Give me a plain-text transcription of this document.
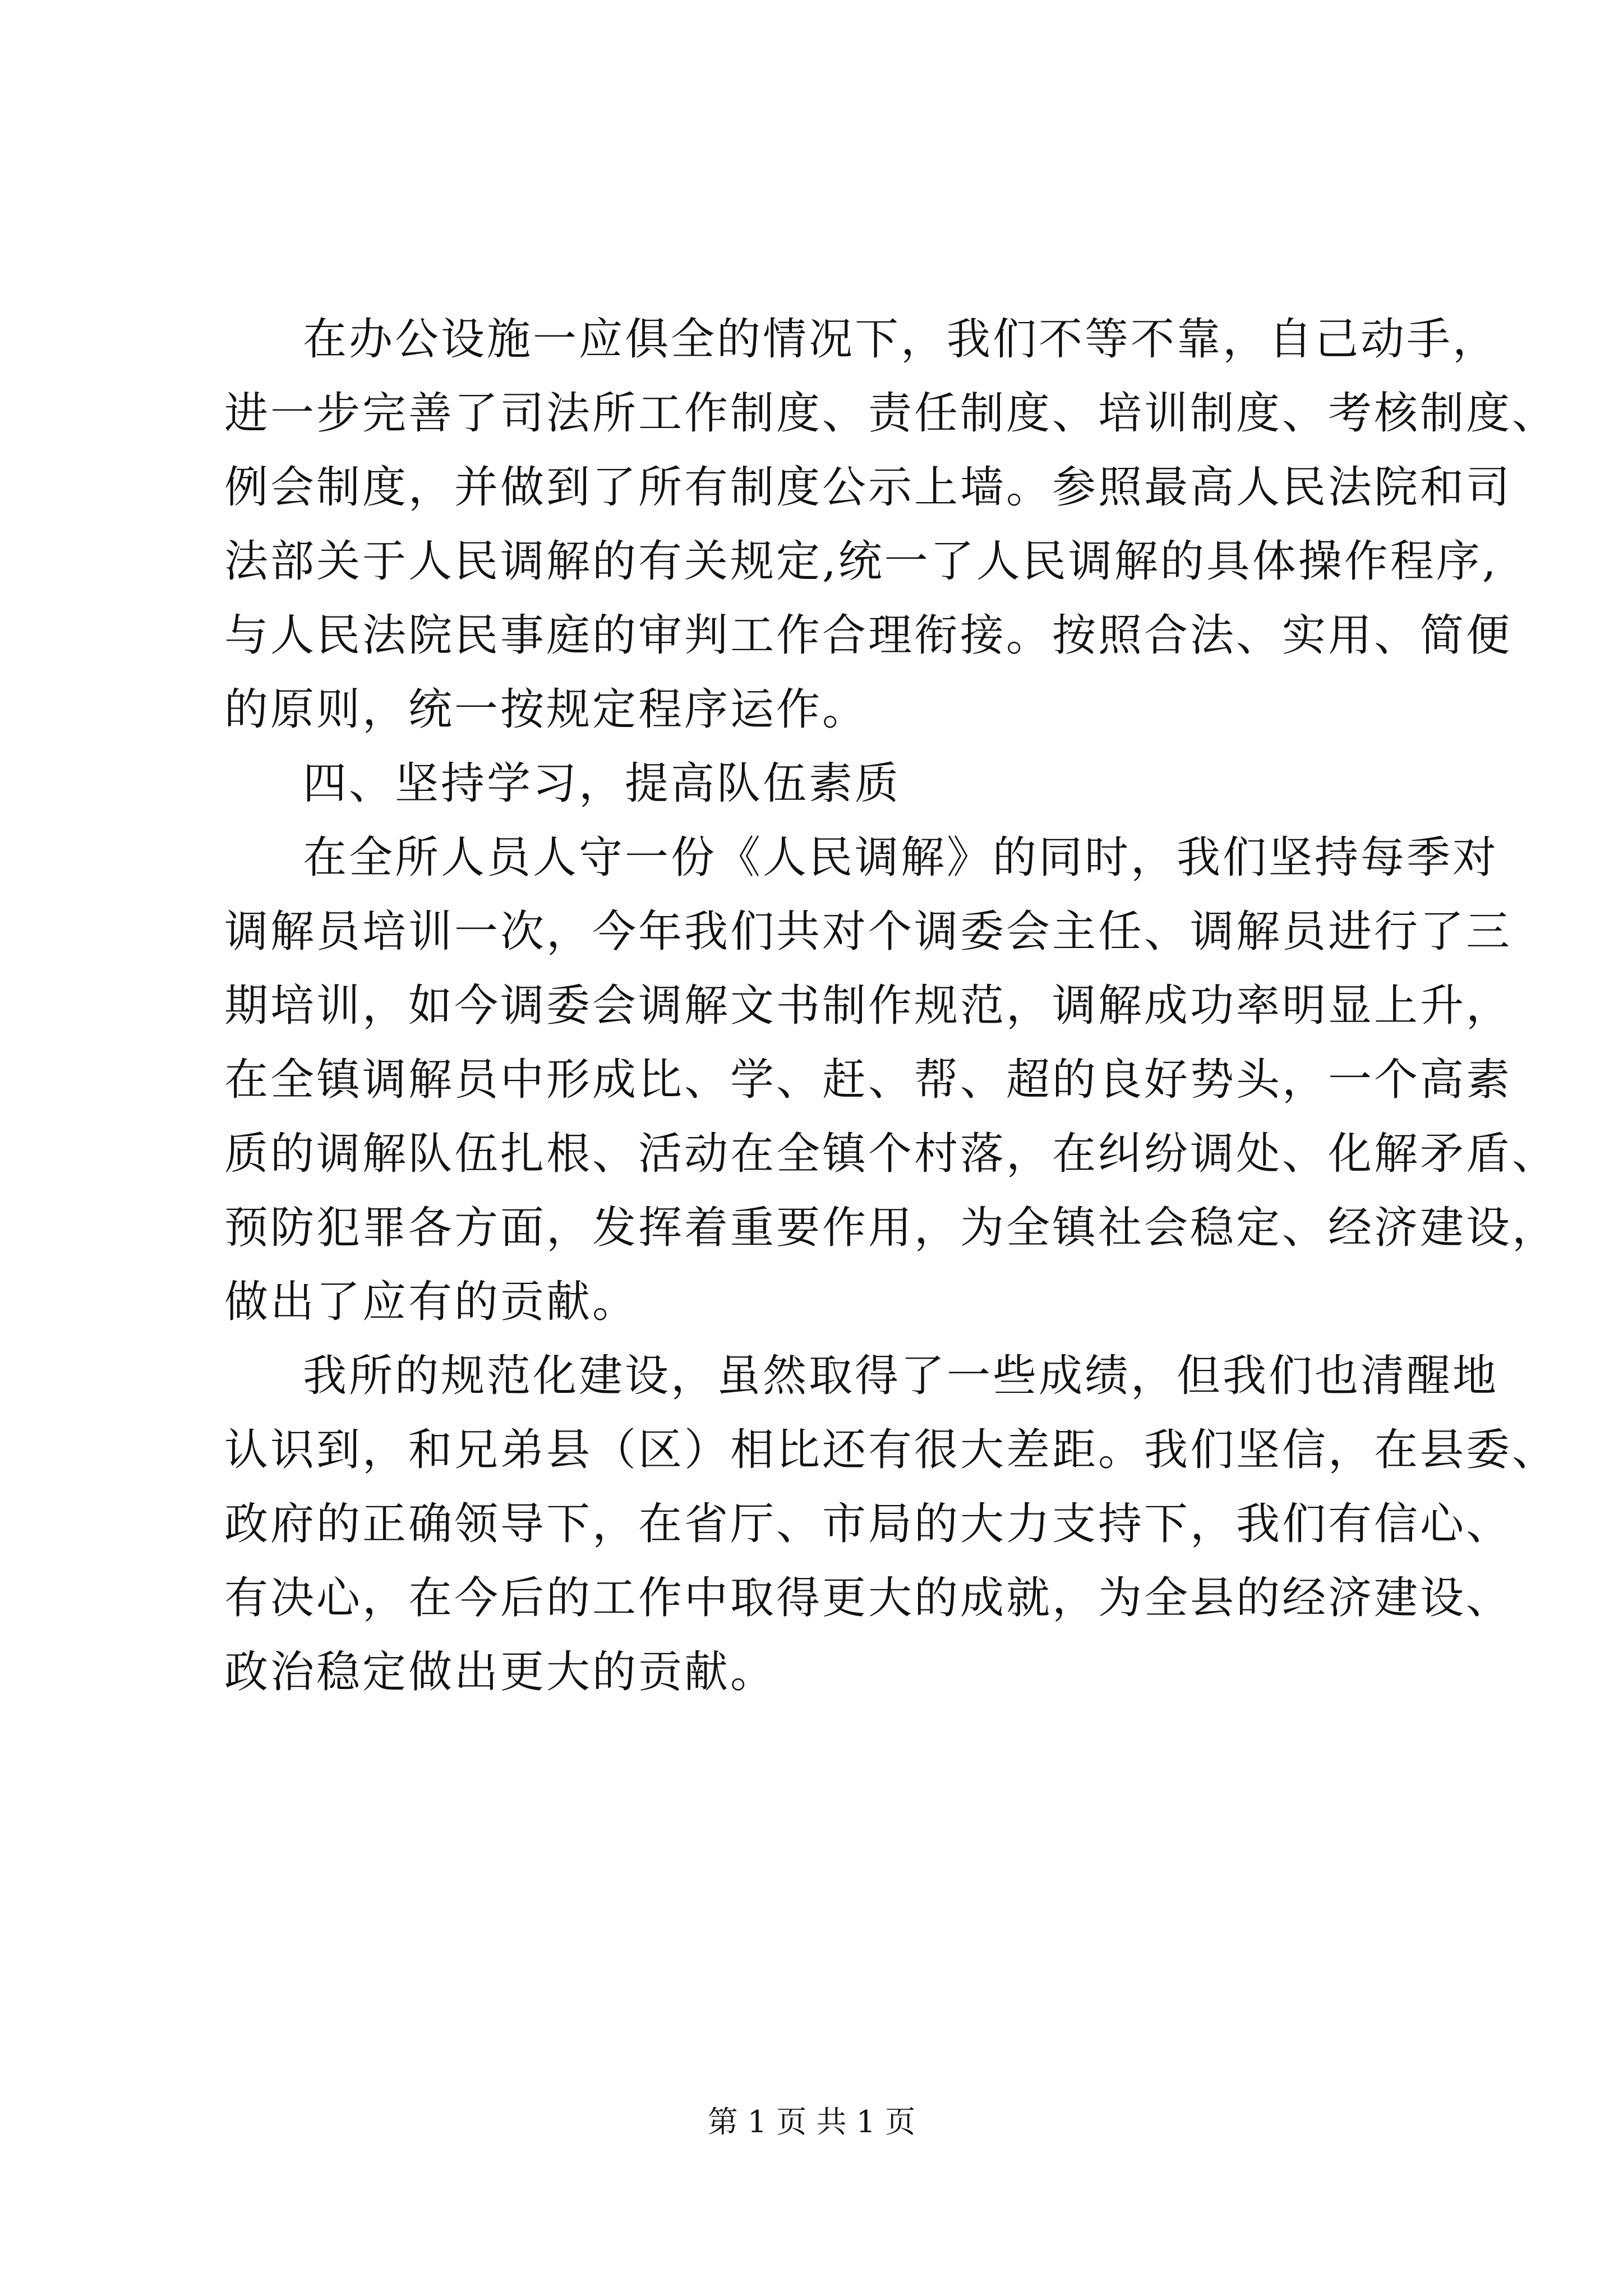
在办公设施一应俱全的情况下，我们不等不靠，自己动手，
进一步完善了司法所工作制度、责任制度、培训制度、考核制度、
例会制度，并做到了所有制度公示上墙。参照最高人民法院和司
法部关于人民调解的有关规定,统一了人民调解的具体操作程序,
与人民法院民事庭的审判工作合理衔接。按照合法、实用、简便
的原则，统一按规定程序运作。
四、坚持学习，提高队伍素质
在全所人员人守一份《人民调解》的同时，我们坚持每季对
调解员培训一次，今年我们共对个调委会主任、调解员进行了三
期培训，如今调委会调解文书制作规范，调解成功率明显上升，
在全镇调解员中形成比、学、赶、帮、超的良好势头，一个高素
质的调解队伍扎根、活动在全镇个村落，在纠纷调处、化解矛盾、
预防犯罪各方面，发挥着重要作用，为全镇社会稳定、经济建设，
做出了应有的贡献。
我所的规范化建设，虽然取得了一些成绩，但我们也清醒地
认识到，和兄弟县（区）相比还有很大差距。我们坚信，在县委、
政府的正确领导下，在省厅、市局的大力支持下，我们有信心、
有决心，在今后的工作中取得更大的成就，为全县的经济建设、
政治稳定做出更大的贡献。
第 1 页 共 1 页
